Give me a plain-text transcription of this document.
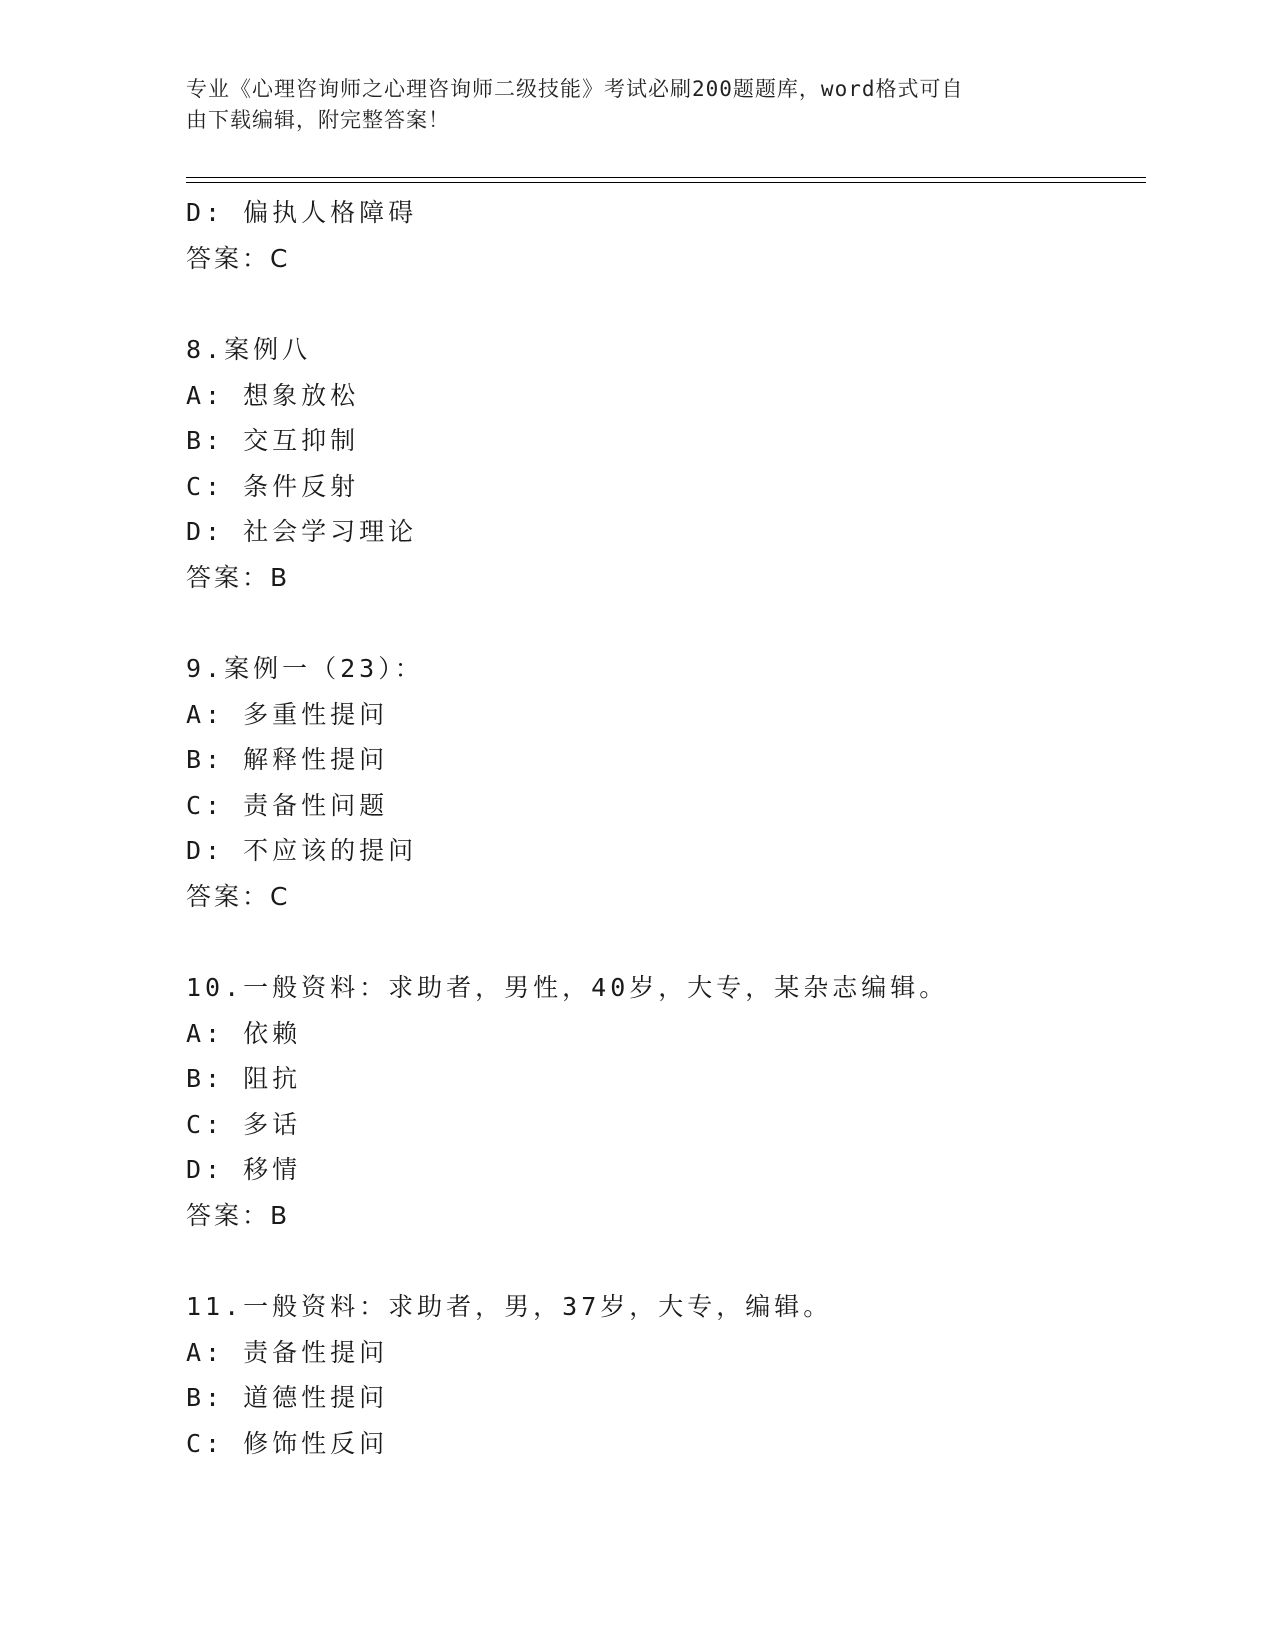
专业《心理咨询师之心理咨询师二级技能》考试必刷200题题库，word格式可自
由下载编辑，附完整答案！
D: 偏执人格障碍
答案：C
8.案例八
A: 想象放松
B: 交互抑制
C: 条件反射
D: 社会学习理论
答案：B
9.案例一（23）：
A: 多重性提问
B: 解释性提问
C: 责备性问题
D: 不应该的提问
答案：C
10.一般资料：求助者，男性，40岁，大专，某杂志编辑。
A: 依赖
B: 阻抗
C: 多话
D: 移情
答案：B
11.一般资料：求助者，男，37岁，大专，编辑。
A: 责备性提问
B: 道德性提问
C: 修饰性反问
